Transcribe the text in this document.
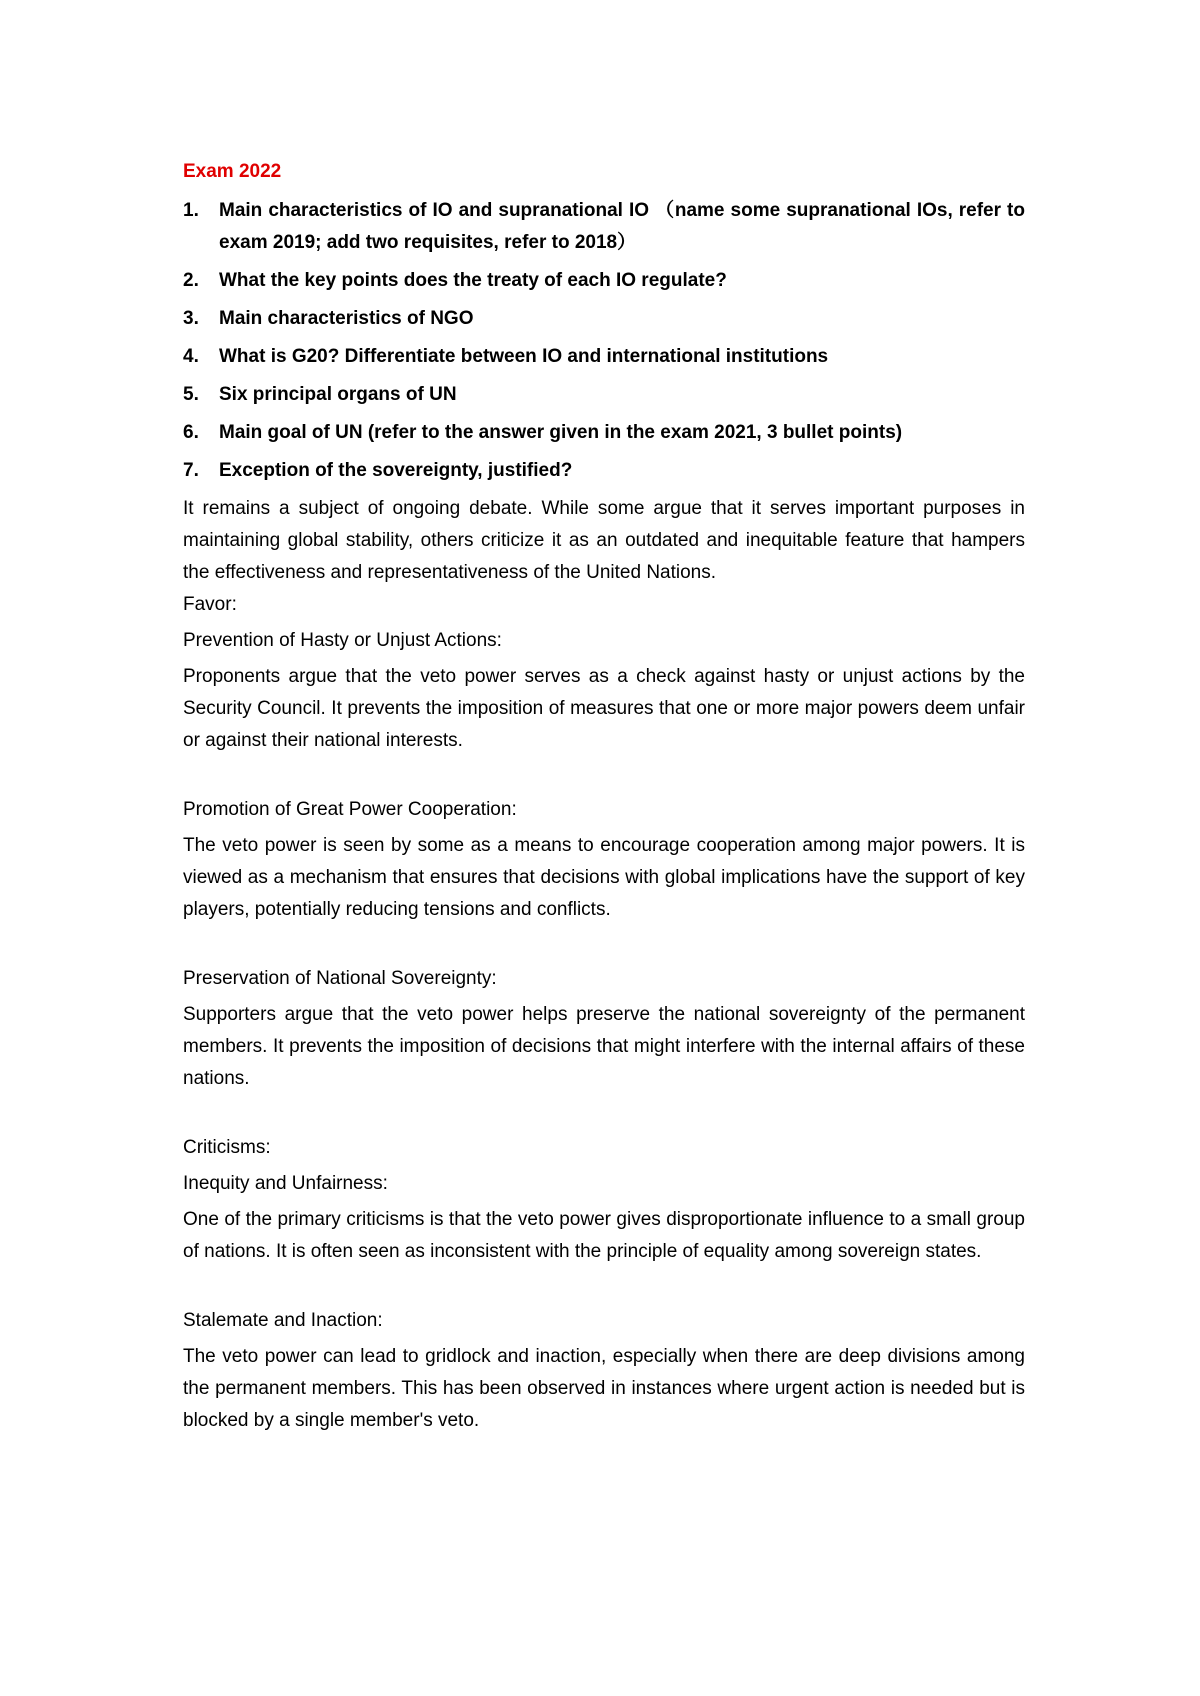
Exam 2022
1. Main characteristics of IO and supranational IO （name some supranational IOs, refer to exam 2019; add two requisites, refer to 2018）
2. What the key points does the treaty of each IO regulate?
3. Main characteristics of NGO
4. What is G20? Differentiate between IO and international institutions
5. Six principal organs of UN
6. Main goal of UN (refer to the answer given in the exam 2021, 3 bullet points)
7. Exception of the sovereignty, justified?

It remains a subject of ongoing debate. While some argue that it serves important purposes in maintaining global stability, others criticize it as an outdated and inequitable feature that hampers the effectiveness and representativeness of the United Nations.

Favor:

Prevention of Hasty or Unjust Actions:

Proponents argue that the veto power serves as a check against hasty or unjust actions by the Security Council. It prevents the imposition of measures that one or more major powers deem unfair or against their national interests.

Promotion of Great Power Cooperation:

The veto power is seen by some as a means to encourage cooperation among major powers. It is viewed as a mechanism that ensures that decisions with global implications have the support of key players, potentially reducing tensions and conflicts.

Preservation of National Sovereignty:

Supporters argue that the veto power helps preserve the national sovereignty of the permanent members. It prevents the imposition of decisions that might interfere with the internal affairs of these nations.

Criticisms:

Inequity and Unfairness:

One of the primary criticisms is that the veto power gives disproportionate influence to a small group of nations. It is often seen as inconsistent with the principle of equality among sovereign states.

Stalemate and Inaction:

The veto power can lead to gridlock and inaction, especially when there are deep divisions among the permanent members. This has been observed in instances where urgent action is needed but is blocked by a single member's veto.
